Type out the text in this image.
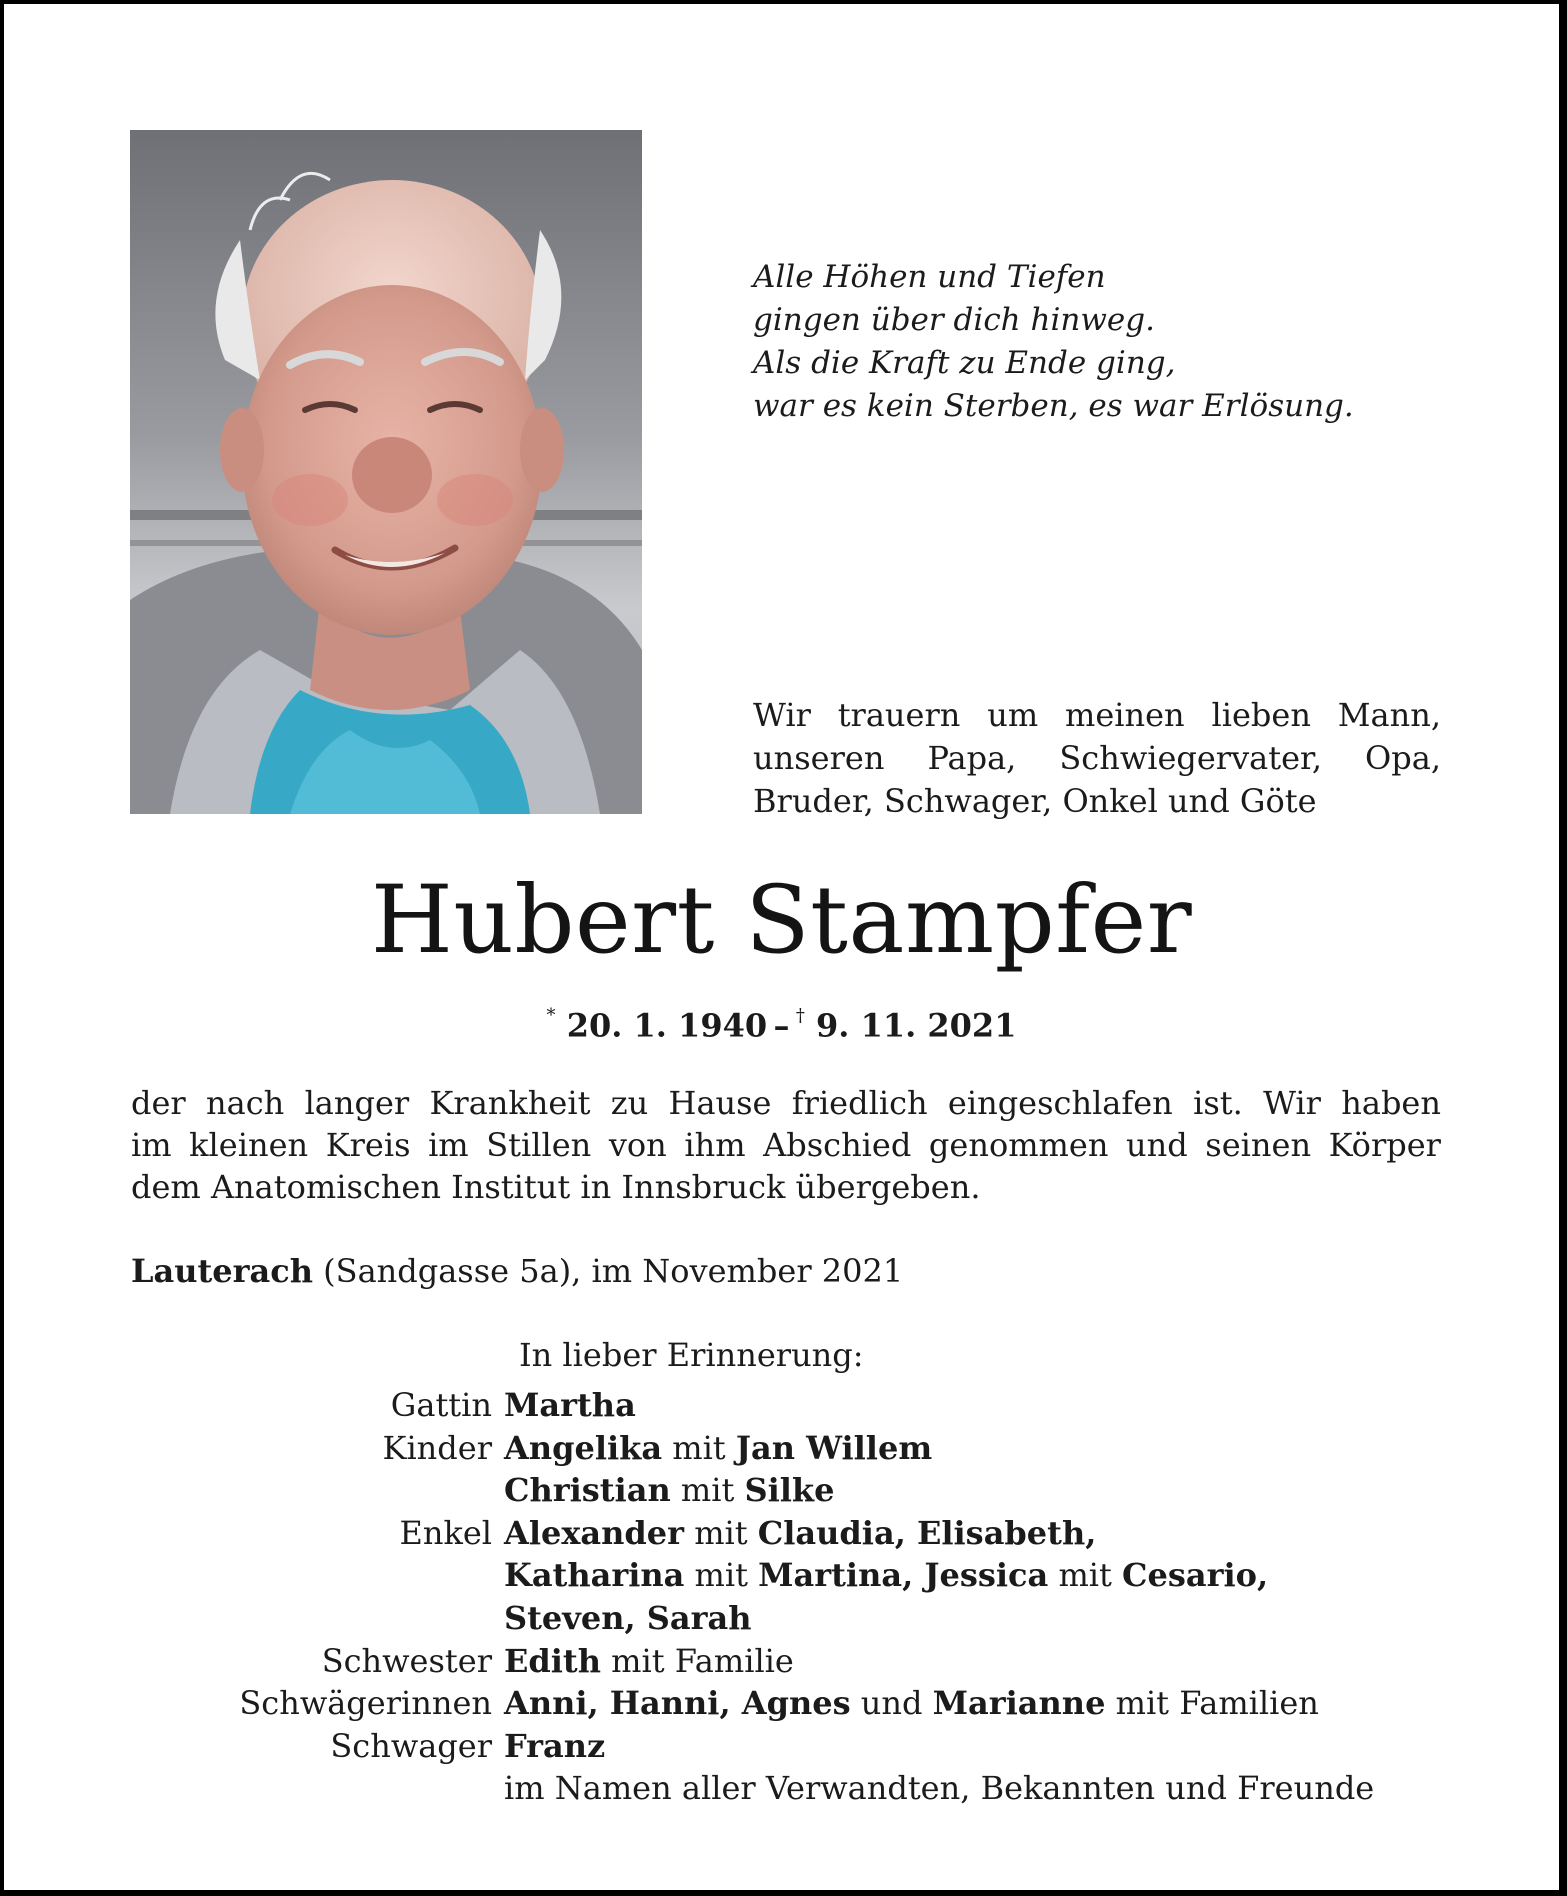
Alle Höhen und Tiefen
gingen über dich hinweg.
Als die Kraft zu Ende ging,
war es kein Sterben, es war Erlösung.
Wir trauern um meinen lieben Mann,
unseren Papa, Schwiegervater, Opa,
Bruder, Schwager, Onkel und Göte
Hubert Stampfer
* 20. 1. 1940  –  † 9. 11. 2021
der nach langer Krankheit zu Hause friedlich eingeschlafen ist. Wir haben
im kleinen Kreis im Stillen von ihm Abschied genommen und seinen Körper
dem Anatomischen Institut in Innsbruck übergeben.
Lauterach (Sandgasse 5a), im November 2021
In lieber Erinnerung:
Gattin Martha
Kinder Angelika mit Jan Willem
Christian mit Silke
Enkel Alexander mit Claudia, Elisabeth,
Katharina mit Martina, Jessica mit Cesario,
Steven, Sarah
Schwester Edith mit Familie
Schwägerinnen Anni, Hanni, Agnes und Marianne mit Familien
Schwager Franz
im Namen aller Verwandten, Bekannten und Freunde
